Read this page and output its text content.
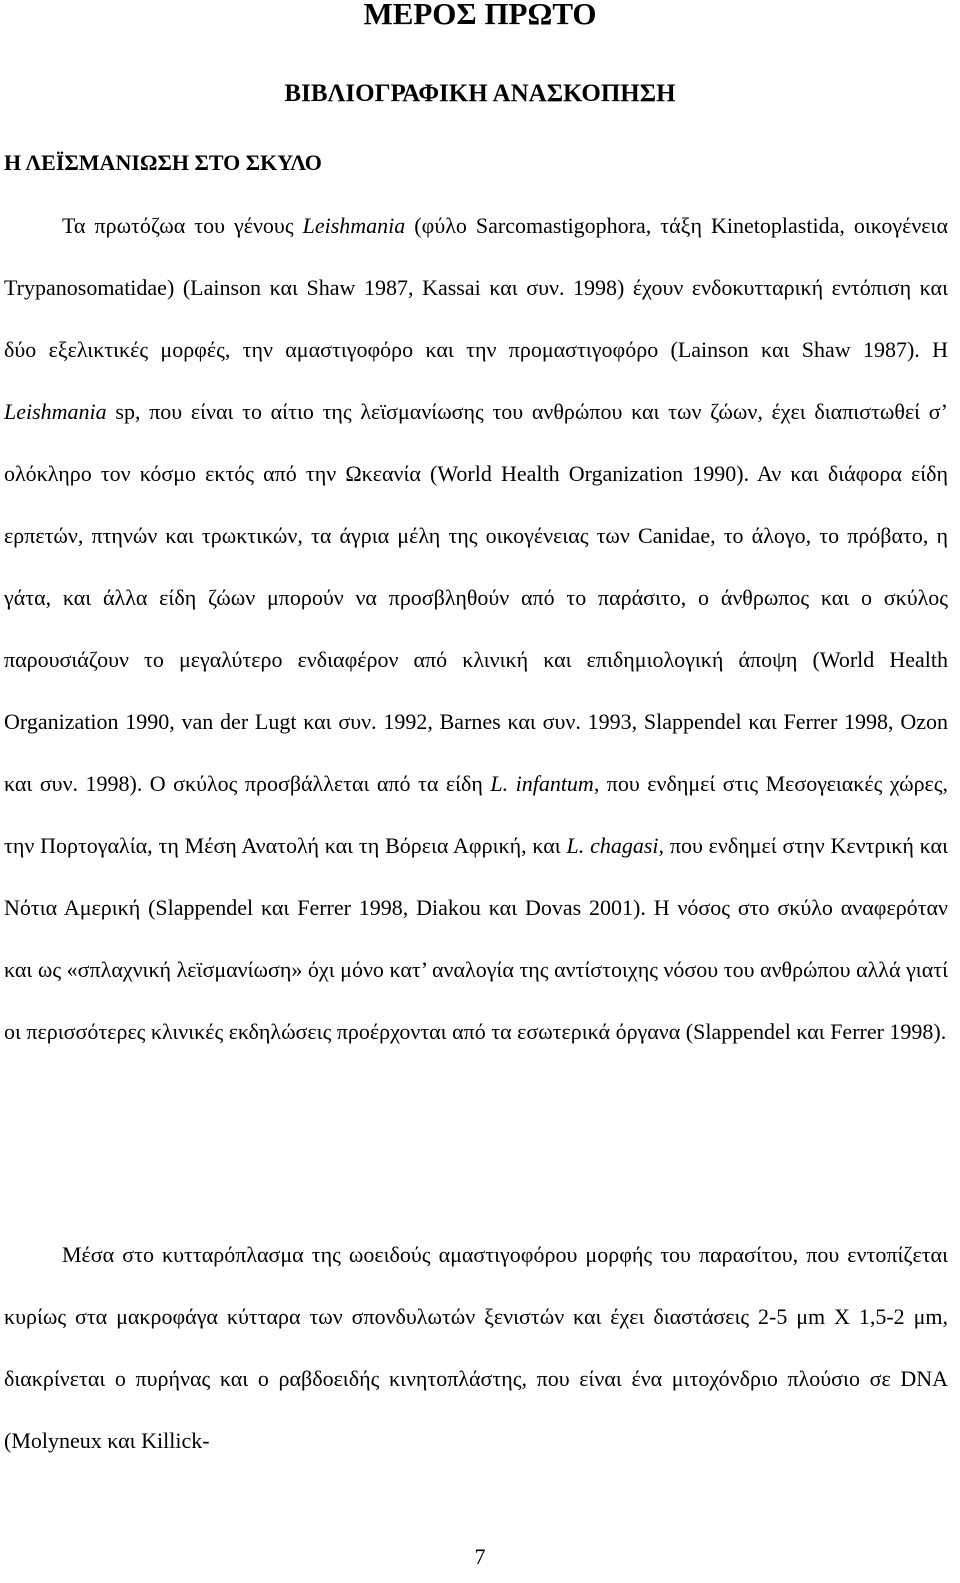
ΜΕΡΟΣ ΠΡΩΤΟ
ΒΙΒΛΙΟΓΡΑΦΙΚΗ ΑΝΑΣΚΟΠΗΣΗ
Η ΛΕΪΣΜΑΝΙΩΣΗ ΣΤΟ ΣΚΥΛΟ

Τα πρωτόζωα του γένους Leishmania (φύλο Sarcomastigophora, τάξη Kinetoplastida, οικογένεια Trypanosomatidae) (Lainson και Shaw 1987, Kassai και συν. 1998) έχουν ενδοκυτταρική εντόπιση και δύο εξελικτικές μορφές, την αμαστιγοφόρο και την προμαστιγοφόρο (Lainson και Shaw 1987). Η Leishmania sp, που είναι το αίτιο της λεϊσμανίωσης του ανθρώπου και των ζώων, έχει διαπιστωθεί σ’ ολόκληρο τον κόσμο εκτός από την Ωκεανία (World Health Organization 1990). Αν και διάφορα είδη ερπετών, πτηνών και τρωκτικών, τα άγρια μέλη της οικογένειας των Canidae, το άλογο, το πρόβατο, η γάτα, και άλλα είδη ζώων μπορούν να προσβληθούν από το παράσιτο, ο άνθρωπος και ο σκύλος παρουσιάζουν το μεγαλύτερο ενδιαφέρον από κλινική και επιδημιολογική άποψη (World Health Organization 1990, van der Lugt και συν. 1992, Barnes και συν. 1993, Slappendel και Ferrer 1998, Ozon και συν. 1998). Ο σκύλος προσβάλλεται από τα είδη L. infantum, που ενδημεί στις Μεσογειακές χώρες, την Πορτογαλία, τη Μέση Ανατολή και τη Βόρεια Αφρική, και L. chagasi, που ενδημεί στην Κεντρική και Νότια Αμερική (Slappendel και Ferrer 1998, Diakou και Dovas 2001). Η νόσος στο σκύλο αναφερόταν και ως «σπλαχνική λεϊσμανίωση» όχι μόνο κατ’ αναλογία της αντίστοιχης νόσου του ανθρώπου αλλά γιατί οι περισσότερες κλινικές εκδηλώσεις προέρχονται από τα εσωτερικά όργανα (Slappendel και Ferrer 1998).

Μέσα στο κυτταρόπλασμα της ωοειδούς αμαστιγοφόρου μορφής του παρασίτου, που εντοπίζεται κυρίως στα μακροφάγα κύτταρα των σπονδυλωτών ξενιστών και έχει διαστάσεις 2-5 μm X 1,5-2 μm, διακρίνεται ο πυρήνας και ο ραβδοειδής κινητοπλάστης, που είναι ένα μιτοχόνδριο πλούσιο σε DNA (Molyneux και Killick-

7
